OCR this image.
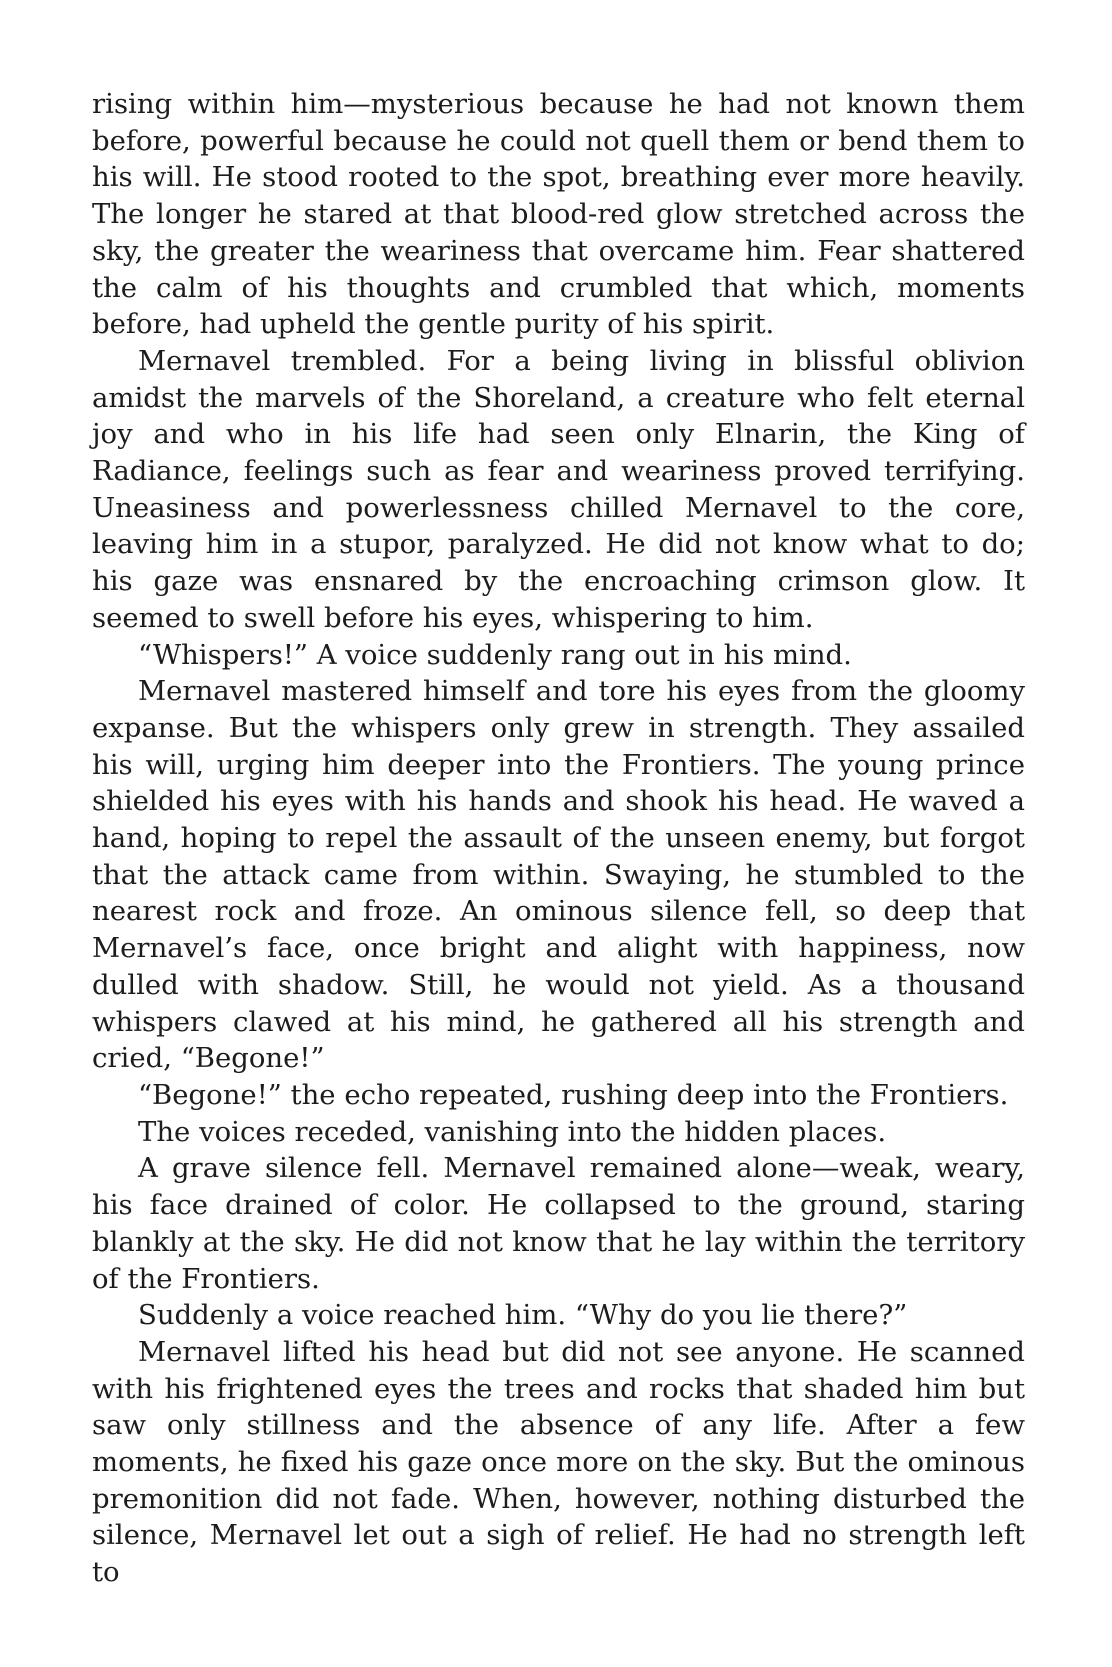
rising within him—mysterious because he had not known them before, powerful because he could not quell them or bend them to his will. He stood rooted to the spot, breathing ever more heavily. The longer he stared at that blood-red glow stretched across the sky, the greater the weariness that overcame him. Fear shattered the calm of his thoughts and crumbled that which, moments before, had upheld the gentle purity of his spirit.

Mernavel trembled. For a being living in blissful oblivion amidst the marvels of the Shoreland, a creature who felt eternal joy and who in his life had seen only Elnarin, the King of Radiance, feelings such as fear and weariness proved terrifying. Uneasiness and powerlessness chilled Mernavel to the core, leaving him in a stupor, paralyzed. He did not know what to do; his gaze was ensnared by the encroaching crimson glow. It seemed to swell before his eyes, whispering to him.

“Whispers!” A voice suddenly rang out in his mind.

Mernavel mastered himself and tore his eyes from the gloomy expanse. But the whispers only grew in strength. They assailed his will, urging him deeper into the Frontiers. The young prince shielded his eyes with his hands and shook his head. He waved a hand, hoping to repel the assault of the unseen enemy, but forgot that the attack came from within. Swaying, he stumbled to the nearest rock and froze. An ominous silence fell, so deep that Mernavel’s face, once bright and alight with happiness, now dulled with shadow. Still, he would not yield. As a thousand whispers clawed at his mind, he gathered all his strength and cried, “Begone!”

“Begone!” the echo repeated, rushing deep into the Frontiers.

The voices receded, vanishing into the hidden places.

A grave silence fell. Mernavel remained alone—weak, weary, his face drained of color. He collapsed to the ground, staring blankly at the sky. He did not know that he lay within the territory of the Frontiers.

Suddenly a voice reached him. “Why do you lie there?”

Mernavel lifted his head but did not see anyone. He scanned with his frightened eyes the trees and rocks that shaded him but saw only stillness and the absence of any life. After a few moments, he fixed his gaze once more on the sky. But the ominous premonition did not fade. When, however, nothing disturbed the silence, Mernavel let out a sigh of relief. He had no strength left to
